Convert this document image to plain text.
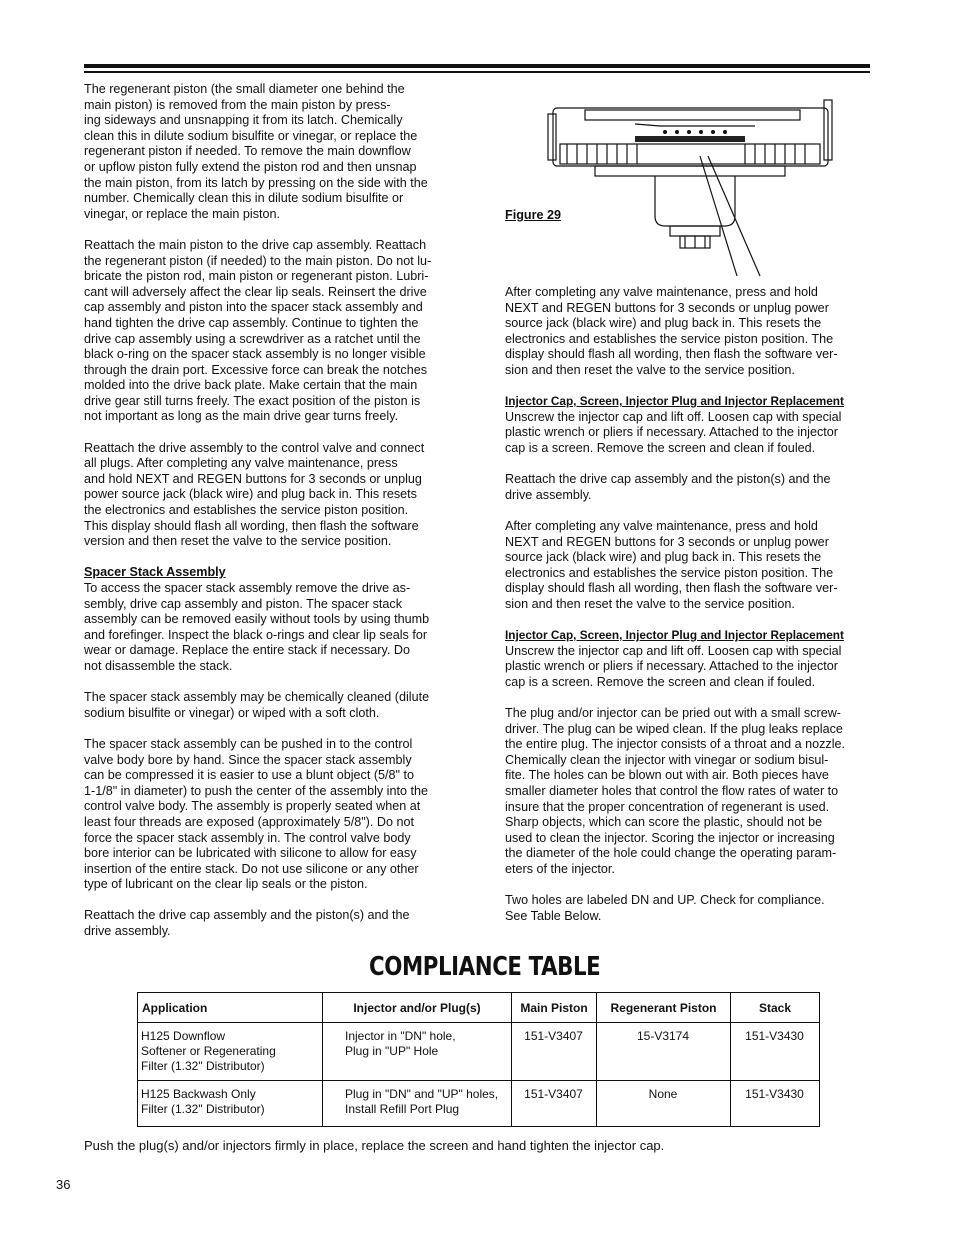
The regenerant piston (the small diameter one behind the
main piston) is removed from the main piston by press-
ing sideways and unsnapping it from its latch. Chemically
clean this in dilute sodium bisulfite or vinegar, or replace the
regenerant piston if needed. To remove the main downflow
or upflow piston fully extend the piston rod and then unsnap
the main piston, from its latch by pressing on the side with the
number. Chemically clean this in dilute sodium bisulfite or
vinegar, or replace the main piston.

Reattach the main piston to the drive cap assembly. Reattach
the regenerant piston (if needed) to the main piston. Do not lu-
bricate the piston rod, main piston or regenerant piston. Lubri-
cant will adversely affect the clear lip seals. Reinsert the drive
cap assembly and piston into the spacer stack assembly and
hand tighten the drive cap assembly. Continue to tighten the
drive cap assembly using a screwdriver as a ratchet until the
black o-ring on the spacer stack assembly is no longer visible
through the drain port. Excessive force can break the notches
molded into the drive back plate. Make certain that the main
drive gear still turns freely. The exact position of the piston is
not important as long as the main drive gear turns freely.

Reattach the drive assembly to the control valve and connect
all plugs. After completing any valve maintenance, press
and hold NEXT and REGEN buttons for 3 seconds or unplug
power source jack (black wire) and plug back in. This resets
the electronics and establishes the service piston position.
This display should flash all wording, then flash the software
version and then reset the valve to the service position.

Spacer Stack Assembly

To access the spacer stack assembly remove the drive as-
sembly, drive cap assembly and piston. The spacer stack
assembly can be removed easily without tools by using thumb
and forefinger. Inspect the black o-rings and clear lip seals for
wear or damage. Replace the entire stack if necessary. Do
not disassemble the stack.

The spacer stack assembly may be chemically cleaned (dilute
sodium bisulfite or vinegar) or wiped with a soft cloth.

The spacer stack assembly can be pushed in to the control
valve body bore by hand. Since the spacer stack assembly
can be compressed it is easier to use a blunt object (5/8" to
1-1/8" in diameter) to push the center of the assembly into the
control valve body. The assembly is properly seated when at
least four threads are exposed (approximately 5/8"). Do not
force the spacer stack assembly in. The control valve body
bore interior can be lubricated with silicone to allow for easy
insertion of the entire stack. Do not use silicone or any other
type of lubricant on the clear lip seals or the piston.

Reattach the drive cap assembly and the piston(s) and the
drive assembly.

Figure 29

After completing any valve maintenance, press and hold
NEXT and REGEN buttons for 3 seconds or unplug power
source jack (black wire) and plug back in. This resets the
electronics and establishes the service piston position. The
display should flash all wording, then flash the software ver-
sion and then reset the valve to the service position.

Injector Cap, Screen, Injector Plug and Injector Replacement

Unscrew the injector cap and lift off. Loosen cap with special
plastic wrench or pliers if necessary. Attached to the injector
cap is a screen. Remove the screen and clean if fouled.

Reattach the drive cap assembly and the piston(s) and the
drive assembly.

After completing any valve maintenance, press and hold
NEXT and REGEN buttons for 3 seconds or unplug power
source jack (black wire) and plug back in. This resets the
electronics and establishes the service piston position. The
display should flash all wording, then flash the software ver-
sion and then reset the valve to the service position.

Injector Cap, Screen, Injector Plug and Injector Replacement

Unscrew the injector cap and lift off. Loosen cap with special
plastic wrench or pliers if necessary. Attached to the injector
cap is a screen. Remove the screen and clean if fouled.

The plug and/or injector can be pried out with a small screw-
driver. The plug can be wiped clean. If the plug leaks replace
the entire plug. The injector consists of a throat and a nozzle.
Chemically clean the injector with vinegar or sodium bisul-
fite. The holes can be blown out with air. Both pieces have
smaller diameter holes that control the flow rates of water to
insure that the proper concentration of regenerant is used.
Sharp objects, which can score the plastic, should not be
used to clean the injector. Scoring the injector or increasing
the diameter of the hole could change the operating param-
eters of the injector.

Two holes are labeled DN and UP. Check for compliance.
See Table Below.

COMPLIANCE TABLE
Application	Injector and/or Plug(s)	Main Piston	Regenerant Piston	Stack
H125 Downflow
Softener or Regenerating
Filter (1.32" Distributor)	Injector in "DN" hole,
Plug in "UP" Hole	151-V3407	15-V3174	151-V3430
H125 Backwash Only
Filter (1.32" Distributor)	Plug in "DN" and "UP" holes,
Install Refill Port Plug	151-V3407	None	151-V3430
Push the plug(s) and/or injectors firmly in place, replace the screen and hand tighten the injector cap.
36
